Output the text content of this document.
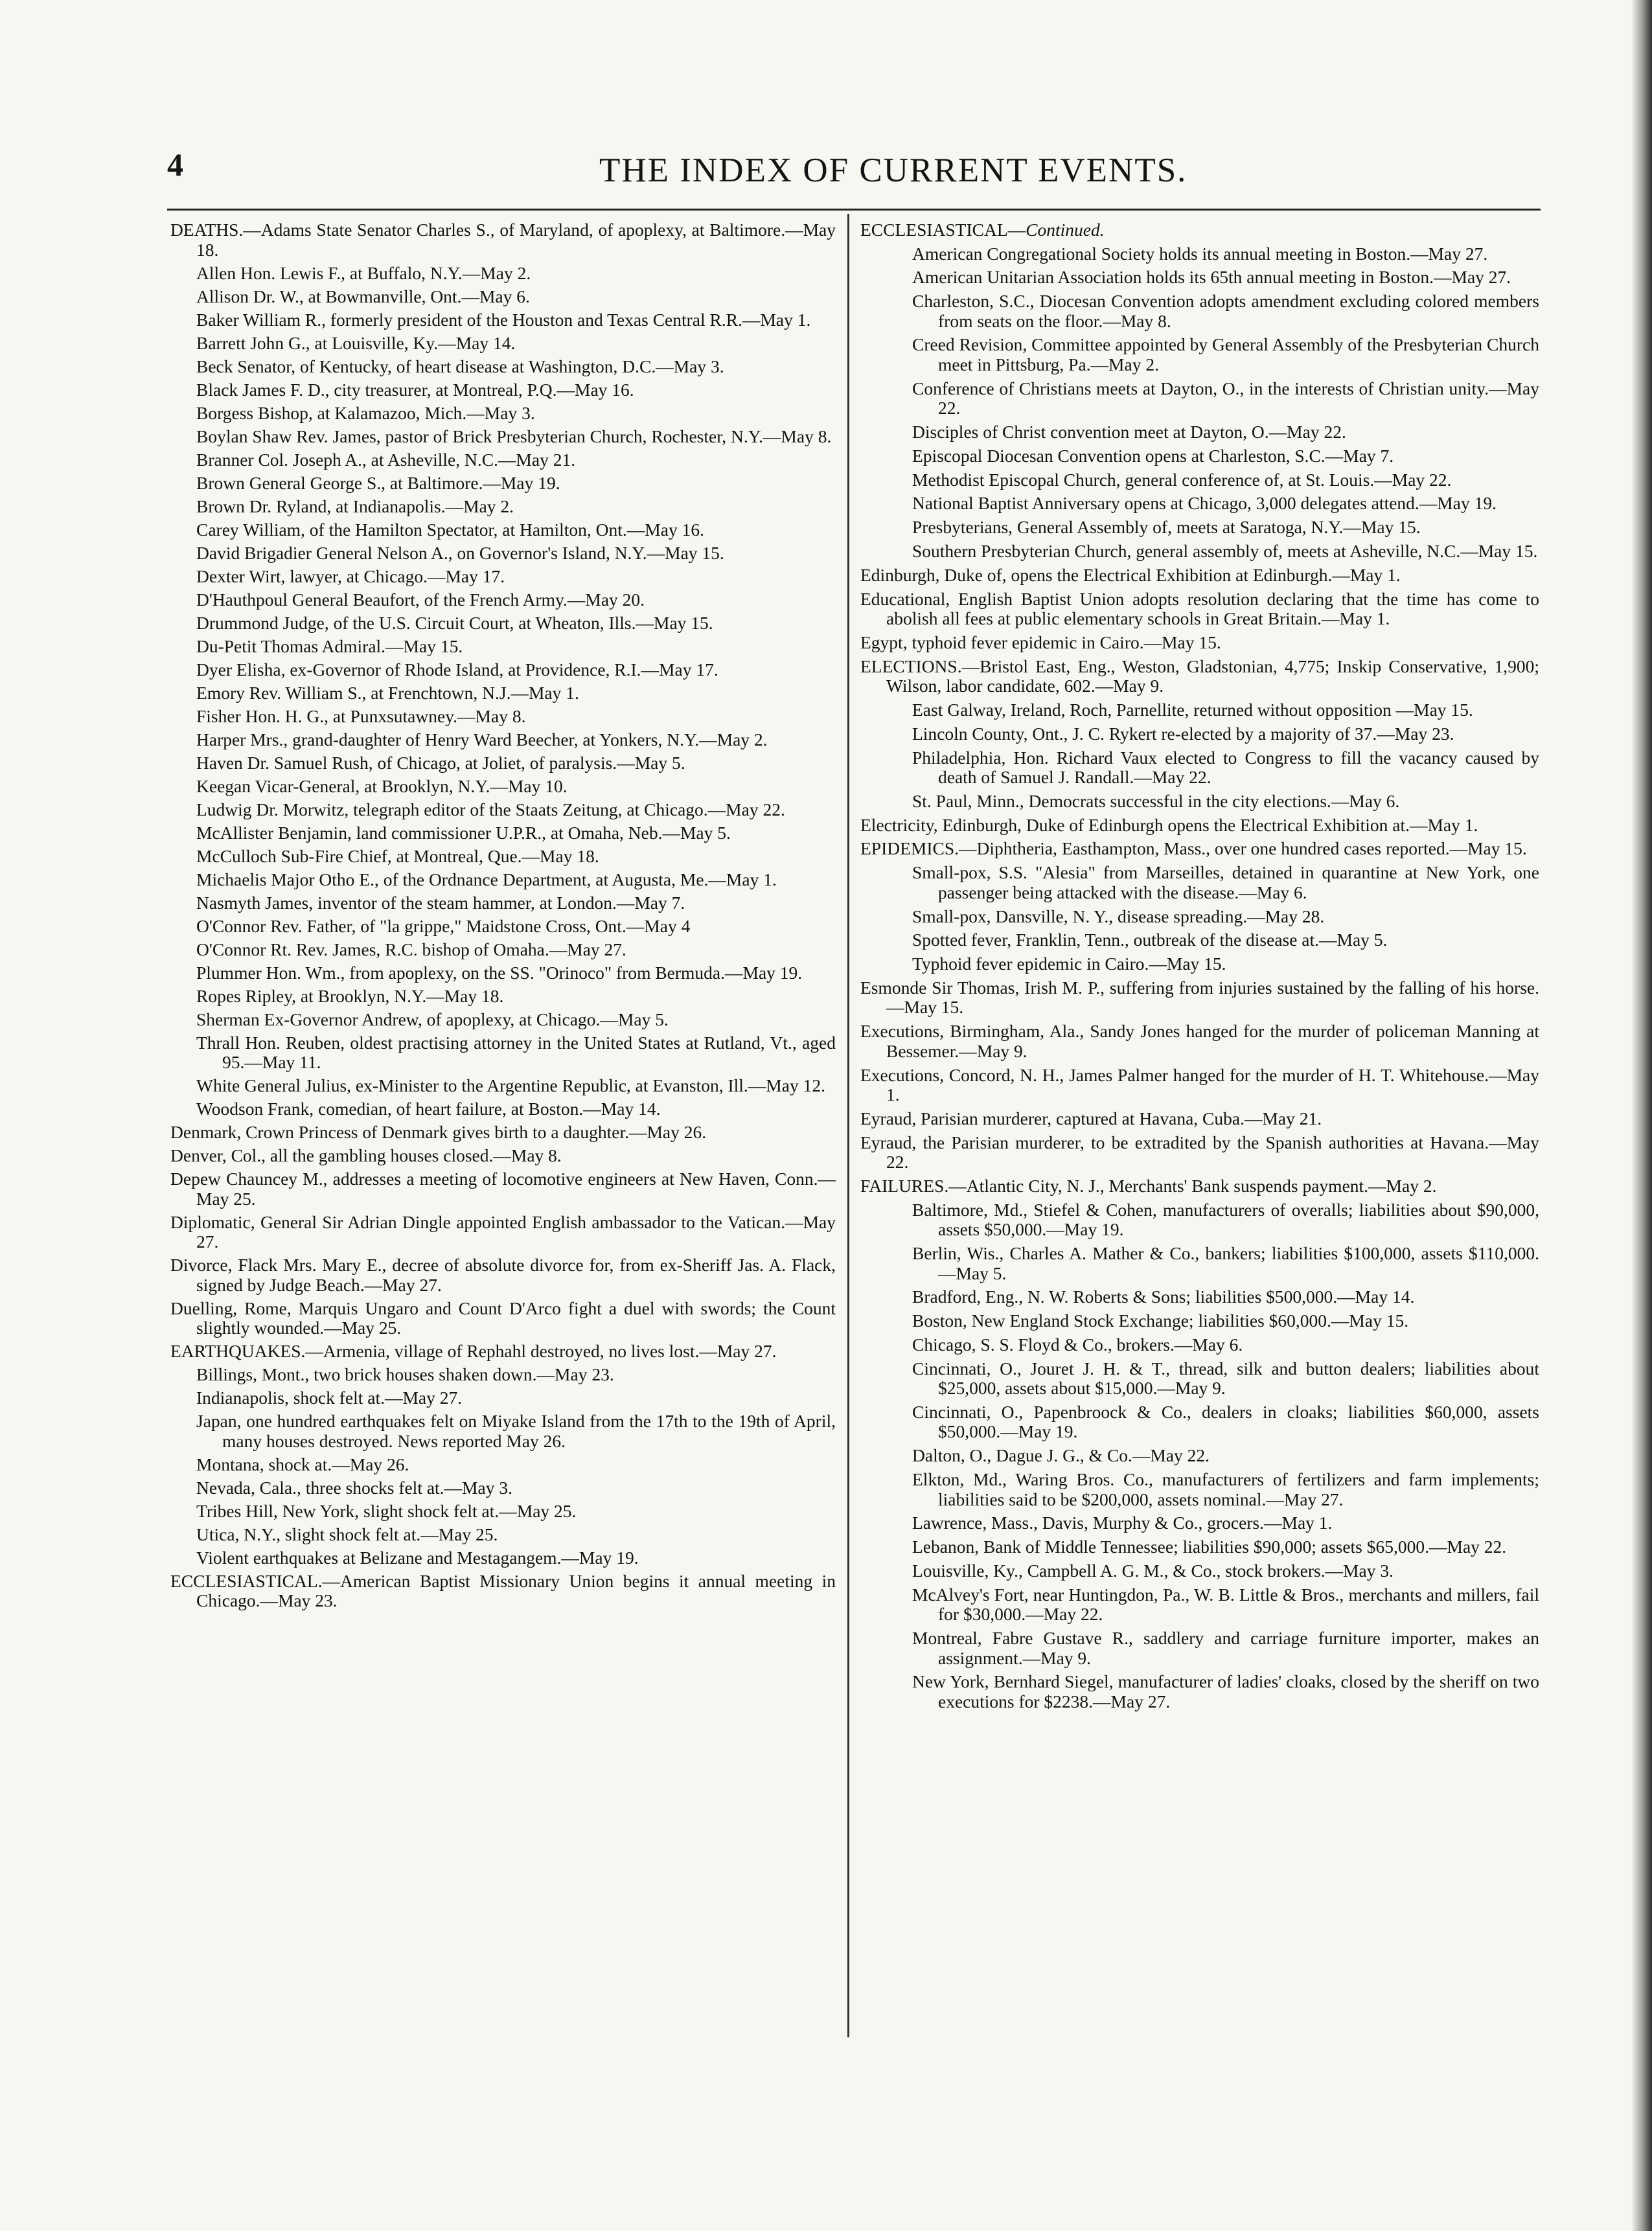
4	THE INDEX OF CURRENT EVENTS.

DEATHS.—Adams State Senator Charles S., of Maryland, of apoplexy, at Baltimore.—May 18.

Allen Hon. Lewis F., at Buffalo, N.Y.—May 2.

Allison Dr. W., at Bowmanville, Ont.—May 6.

Baker William R., formerly president of the Houston and Texas Central R.R.—May 1.

Barrett John G., at Louisville, Ky.—May 14.

Beck Senator, of Kentucky, of heart disease at Washington, D.C.—May 3.

Black James F. D., city treasurer, at Montreal, P.Q.—May 16.

Borgess Bishop, at Kalamazoo, Mich.—May 3.

Boylan Shaw Rev. James, pastor of Brick Presbyterian Church, Rochester, N.Y.—May 8.

Branner Col. Joseph A., at Asheville, N.C.—May 21.

Brown General George S., at Baltimore.—May 19.

Brown Dr. Ryland, at Indianapolis.—May 2.

Carey William, of the Hamilton Spectator, at Hamilton, Ont.—May 16.

David Brigadier General Nelson A., on Governor's Island, N.Y.—May 15.

Dexter Wirt, lawyer, at Chicago.—May 17.

D'Hauthpoul General Beaufort, of the French Army.—May 20.

Drummond Judge, of the U.S. Circuit Court, at Wheaton, Ills.—May 15.

Du-Petit Thomas Admiral.—May 15.

Dyer Elisha, ex-Governor of Rhode Island, at Providence, R.I.—May 17.

Emory Rev. William S., at Frenchtown, N.J.—May 1.

Fisher Hon. H. G., at Punxsutawney.—May 8.

Harper Mrs., grand-daughter of Henry Ward Beecher, at Yonkers, N.Y.—May 2.

Haven Dr. Samuel Rush, of Chicago, at Joliet, of paralysis.—May 5.

Keegan Vicar-General, at Brooklyn, N.Y.—May 10.

Ludwig Dr. Morwitz, telegraph editor of the Staats Zeitung, at Chicago.—May 22.

McAllister Benjamin, land commissioner U.P.R., at Omaha, Neb.—May 5.

McCulloch Sub-Fire Chief, at Montreal, Que.—May 18.

Michaelis Major Otho E., of the Ordnance Department, at Augusta, Me.—May 1.

Nasmyth James, inventor of the steam hammer, at London.—May 7.

O'Connor Rev. Father, of "la grippe," Maidstone Cross, Ont.—May 4

O'Connor Rt. Rev. James, R.C. bishop of Omaha.—May 27.

Plummer Hon. Wm., from apoplexy, on the SS. "Orinoco" from Bermuda.—May 19.

Ropes Ripley, at Brooklyn, N.Y.—May 18.

Sherman Ex-Governor Andrew, of apoplexy, at Chicago.—May 5.

Thrall Hon. Reuben, oldest practising attorney in the United States at Rutland, Vt., aged 95.—May 11.

White General Julius, ex-Minister to the Argentine Republic, at Evanston, Ill.—May 12.

Woodson Frank, comedian, of heart failure, at Boston.—May 14.

Denmark, Crown Princess of Denmark gives birth to a daughter.—May 26.

Denver, Col., all the gambling houses closed.—May 8.

Depew Chauncey M., addresses a meeting of locomotive engineers at New Haven, Conn.—May 25.

Diplomatic, General Sir Adrian Dingle appointed English ambassador to the Vatican.—May 27.

Divorce, Flack Mrs. Mary E., decree of absolute divorce for, from ex-Sheriff Jas. A. Flack, signed by Judge Beach.—May 27.

Duelling, Rome, Marquis Ungaro and Count D'Arco fight a duel with swords; the Count slightly wounded.—May 25.

EARTHQUAKES.—Armenia, village of Rephahl destroyed, no lives lost.—May 27.

Billings, Mont., two brick houses shaken down.—May 23.

Indianapolis, shock felt at.—May 27.

Japan, one hundred earthquakes felt on Miyake Island from the 17th to the 19th of April, many houses destroyed. News reported May 26.

Montana, shock at.—May 26.

Nevada, Cala., three shocks felt at.—May 3.

Tribes Hill, New York, slight shock felt at.—May 25.

Utica, N.Y., slight shock felt at.—May 25.

Violent earthquakes at Belizane and Mestagangem.—May 19.

ECCLESIASTICAL.—American Baptist Missionary Union begins it annual meeting in Chicago.—May 23.

ECCLESIASTICAL—Continued.

American Congregational Society holds its annual meeting in Boston.—May 27.

American Unitarian Association holds its 65th annual meeting in Boston.—May 27.

Charleston, S.C., Diocesan Convention adopts amendment excluding colored members from seats on the floor.—May 8.

Creed Revision, Committee appointed by General Assembly of the Presbyterian Church meet in Pittsburg, Pa.—May 2.

Conference of Christians meets at Dayton, O., in the interests of Christian unity.—May 22.

Disciples of Christ convention meet at Dayton, O.—May 22.

Episcopal Diocesan Convention opens at Charleston, S.C.—May 7.

Methodist Episcopal Church, general conference of, at St. Louis.—May 22.

National Baptist Anniversary opens at Chicago, 3,000 delegates attend.—May 19.

Presbyterians, General Assembly of, meets at Saratoga, N.Y.—May 15.

Southern Presbyterian Church, general assembly of, meets at Asheville, N.C.—May 15.

Edinburgh, Duke of, opens the Electrical Exhibition at Edinburgh.—May 1.

Educational, English Baptist Union adopts resolution declaring that the time has come to abolish all fees at public elementary schools in Great Britain.—May 1.

Egypt, typhoid fever epidemic in Cairo.—May 15.

ELECTIONS.—Bristol East, Eng., Weston, Gladstonian, 4,775; Inskip Conservative, 1,900; Wilson, labor candidate, 602.—May 9.

East Galway, Ireland, Roch, Parnellite, returned without opposition —May 15.

Lincoln County, Ont., J. C. Rykert re-elected by a majority of 37.—May 23.

Philadelphia, Hon. Richard Vaux elected to Congress to fill the vacancy caused by death of Samuel J. Randall.—May 22.

St. Paul, Minn., Democrats successful in the city elections.—May 6.

Electricity, Edinburgh, Duke of Edinburgh opens the Electrical Exhibition at.—May 1.

EPIDEMICS.—Diphtheria, Easthampton, Mass., over one hundred cases reported.—May 15.

Small-pox, S.S. "Alesia" from Marseilles, detained in quarantine at New York, one passenger being attacked with the disease.—May 6.

Small-pox, Dansville, N. Y., disease spreading.—May 28.

Spotted fever, Franklin, Tenn., outbreak of the disease at.—May 5.

Typhoid fever epidemic in Cairo.—May 15.

Esmonde Sir Thomas, Irish M. P., suffering from injuries sustained by the falling of his horse.—May 15.

Executions, Birmingham, Ala., Sandy Jones hanged for the murder of policeman Manning at Bessemer.—May 9.

Executions, Concord, N. H., James Palmer hanged for the murder of H. T. Whitehouse.—May 1.

Eyraud, Parisian murderer, captured at Havana, Cuba.—May 21.

Eyraud, the Parisian murderer, to be extradited by the Spanish authorities at Havana.—May 22.

FAILURES.—Atlantic City, N. J., Merchants' Bank suspends payment.—May 2.

Baltimore, Md., Stiefel & Cohen, manufacturers of overalls; liabilities about $90,000, assets $50,000.—May 19.

Berlin, Wis., Charles A. Mather & Co., bankers; liabilities $100,000, assets $110,000.—May 5.

Bradford, Eng., N. W. Roberts & Sons; liabilities $500,000.—May 14.

Boston, New England Stock Exchange; liabilities $60,000.—May 15.

Chicago, S. S. Floyd & Co., brokers.—May 6.

Cincinnati, O., Jouret J. H. & T., thread, silk and button dealers; liabilities about $25,000, assets about $15,000.—May 9.

Cincinnati, O., Papenbroock & Co., dealers in cloaks; liabilities $60,000, assets $50,000.—May 19.

Dalton, O., Dague J. G., & Co.—May 22.

Elkton, Md., Waring Bros. Co., manufacturers of fertilizers and farm implements; liabilities said to be $200,000, assets nominal.—May 27.

Lawrence, Mass., Davis, Murphy & Co., grocers.—May 1.

Lebanon, Bank of Middle Tennessee; liabilities $90,000; assets $65,000.—May 22.

Louisville, Ky., Campbell A. G. M., & Co., stock brokers.—May 3.

McAlvey's Fort, near Huntingdon, Pa., W. B. Little & Bros., merchants and millers, fail for $30,000.—May 22.

Montreal, Fabre Gustave R., saddlery and carriage furniture importer, makes an assignment.—May 9.

New York, Bernhard Siegel, manufacturer of ladies' cloaks, closed by the sheriff on two executions for $2238.—May 27.
